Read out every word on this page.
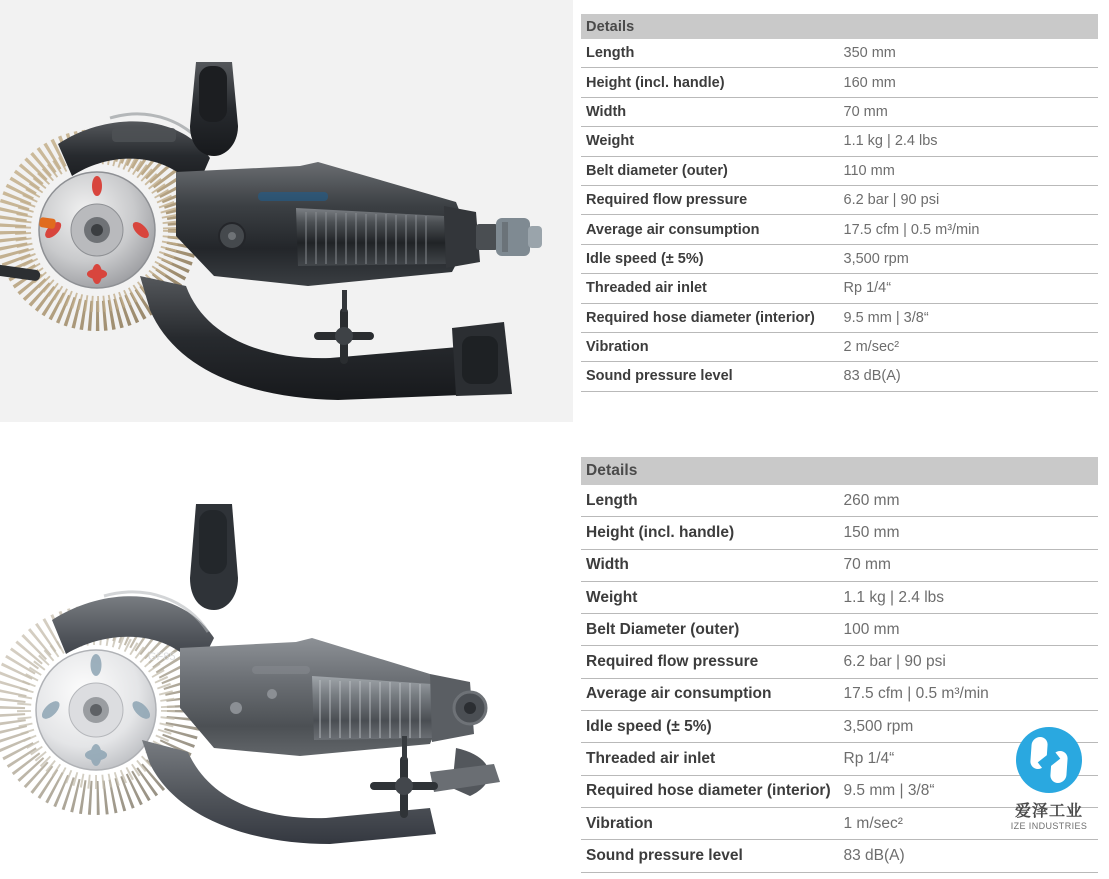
Details	
Length	350 mm
Height (incl. handle)	160 mm
Width	70 mm
Weight	1.1 kg | 2.4 lbs
Belt diameter (outer)	110 mm
Required flow pressure	6.2 bar | 90 psi
Average air consumption	17.5 cfm | 0.5 m³/min
Idle speed (± 5%)	3,500 rpm
Threaded air inlet	Rp 1/4“
Required hose diameter (interior)	9.5 mm | 3/8“
Vibration	2 m/sec²
Sound pressure level	83 dB(A)
GF85
Details	
Length	260 mm
Height (incl. handle)	150 mm
Width	70 mm
Weight	1.1 kg | 2.4 lbs
Belt Diameter (outer)	100 mm
Required flow pressure	6.2 bar | 90 psi
Average air consumption	17.5 cfm | 0.5 m³/min
Idle speed (± 5%)	3,500 rpm
Threaded air inlet	Rp 1/4“
Required hose diameter (interior)	9.5 mm | 3/8“
Vibration	1 m/sec²
Sound pressure level	83 dB(A)
爱泽工业
IZE INDUSTRIES
